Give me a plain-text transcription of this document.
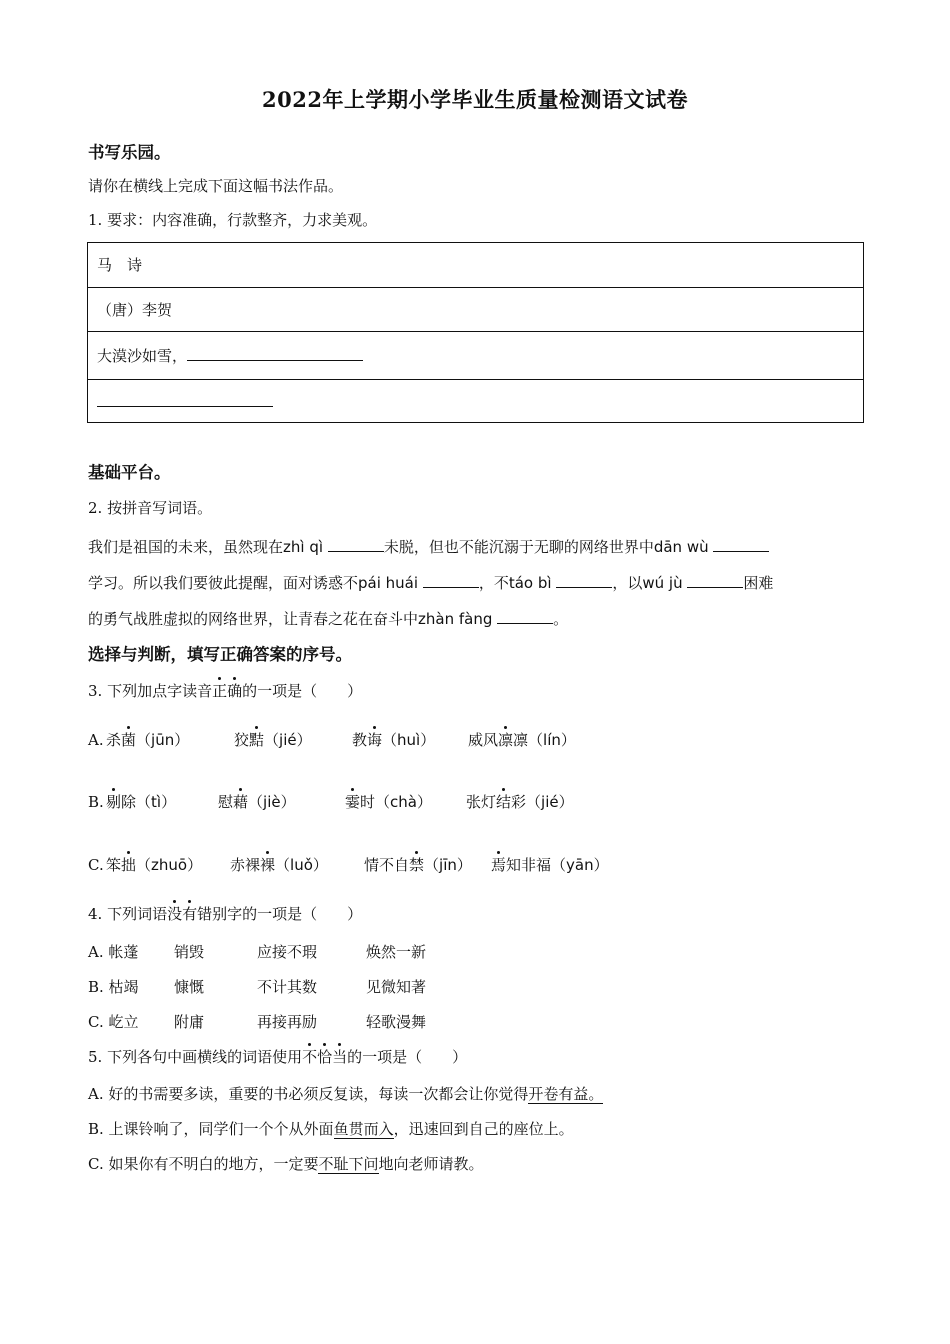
2022年上学期小学毕业生质量检测语文试卷
书写乐园。
请你在横线上完成下面这幅书法作品。
1. 要求：内容准确，行款整齐，力求美观。
马　诗
（唐）李贺
大漠沙如雪，
基础平台。
2. 按拼音写词语。
我们是祖国的未来，虽然现在zhì qì	未脱，但也不能沉溺于无聊的网络世界中dān wù
学习。所以我们要彼此提醒，面对诱惑不pái huái	，不táo bì	，以wú jù	困难
的勇气战胜虚拟的网络世界，让青春之花在奋斗中zhàn fàng	。
选择与判断，填写正确答案的序号。
3. 下列加点字读音正确的一项是（　　）
A. 杀菌（jūn）	狡黠（jié）	教诲（huì） 威风凛凛（lín）
B. 剔除（tì）	慰藉（jiè）	霎时（chà） 张灯结彩（jié）
C. 笨拙（zhuō） 赤裸裸（luǒ） 情不自禁（jīn） 焉知非福（yān）
4. 下列词语没有错别字的一项是（　　）
A. 帐蓬 销毁	应接不瑕	焕然一新
B. 枯竭 慷慨	不计其数	见微知著
C. 屹立 附庸	再接再励	轻歌漫舞
5. 下列各句中画横线的词语使用不恰当的一项是（　　）
A. 好的书需要多读，重要的书必须反复读，每读一次都会让你觉得开卷有益。
B. 上课铃响了，同学们一个个从外面鱼贯而入，迅速回到自己的座位上。
C. 如果你有不明白的地方，一定要不耻下问地向老师请教。
